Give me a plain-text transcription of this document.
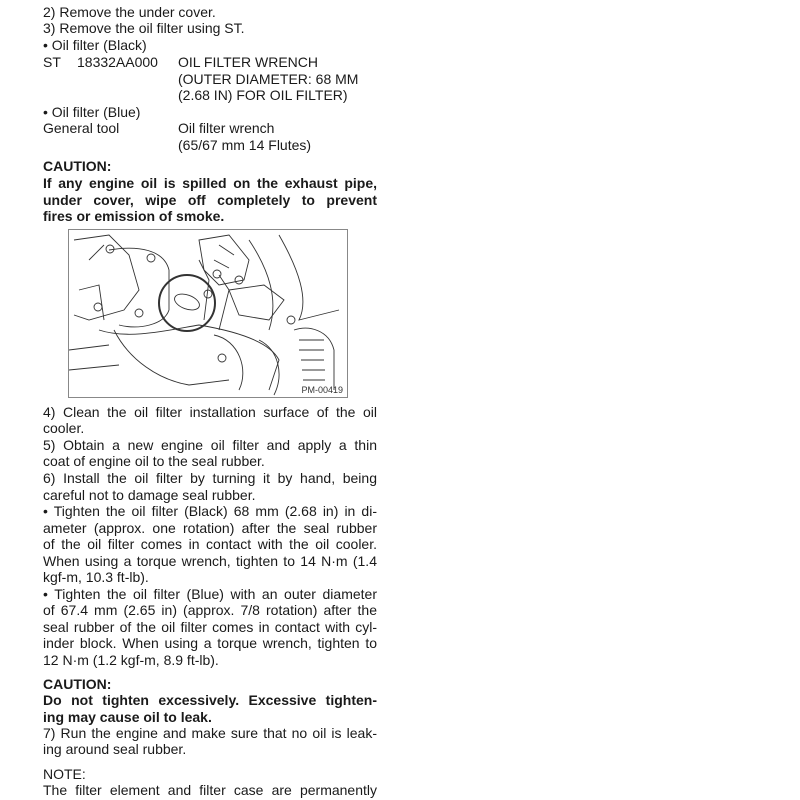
2) Remove the under cover.
3) Remove the oil filter using ST.
• Oil filter (Black)
ST 18332AA000 OIL FILTER WRENCH
(OUTER DIAMETER: 68 MM
(2.68 IN) FOR OIL FILTER)
• Oil filter (Blue)
General tool	Oil filter wrench
(65/67 mm 14 Flutes)
CAUTION:
If any engine oil is spilled on the exhaust pipe,
under cover, wipe off completely to prevent
fires or emission of smoke.
PM-00419
4) Clean the oil filter installation surface of the oil
cooler.
5) Obtain a new engine oil filter and apply a thin
coat of engine oil to the seal rubber.
6) Install the oil filter by turning it by hand, being
careful not to damage seal rubber.
• Tighten the oil filter (Black) 68 mm (2.68 in) in di-
ameter (approx. one rotation) after the seal rubber
of the oil filter comes in contact with the oil cooler.
When using a torque wrench, tighten to 14 N·m (1.4
kgf-m, 10.3 ft-lb).
• Tighten the oil filter (Blue) with an outer diameter
of 67.4 mm (2.65 in) (approx. 7/8 rotation) after the
seal rubber of the oil filter comes in contact with cyl-
inder block. When using a torque wrench, tighten to
12 N·m (1.2 kgf-m, 8.9 ft-lb).
CAUTION:
Do not tighten excessively. Excessive tighten-
ing may cause oil to leak.
7) Run the engine and make sure that no oil is leak-
ing around seal rubber.
NOTE:
The filter element and filter case are permanently
